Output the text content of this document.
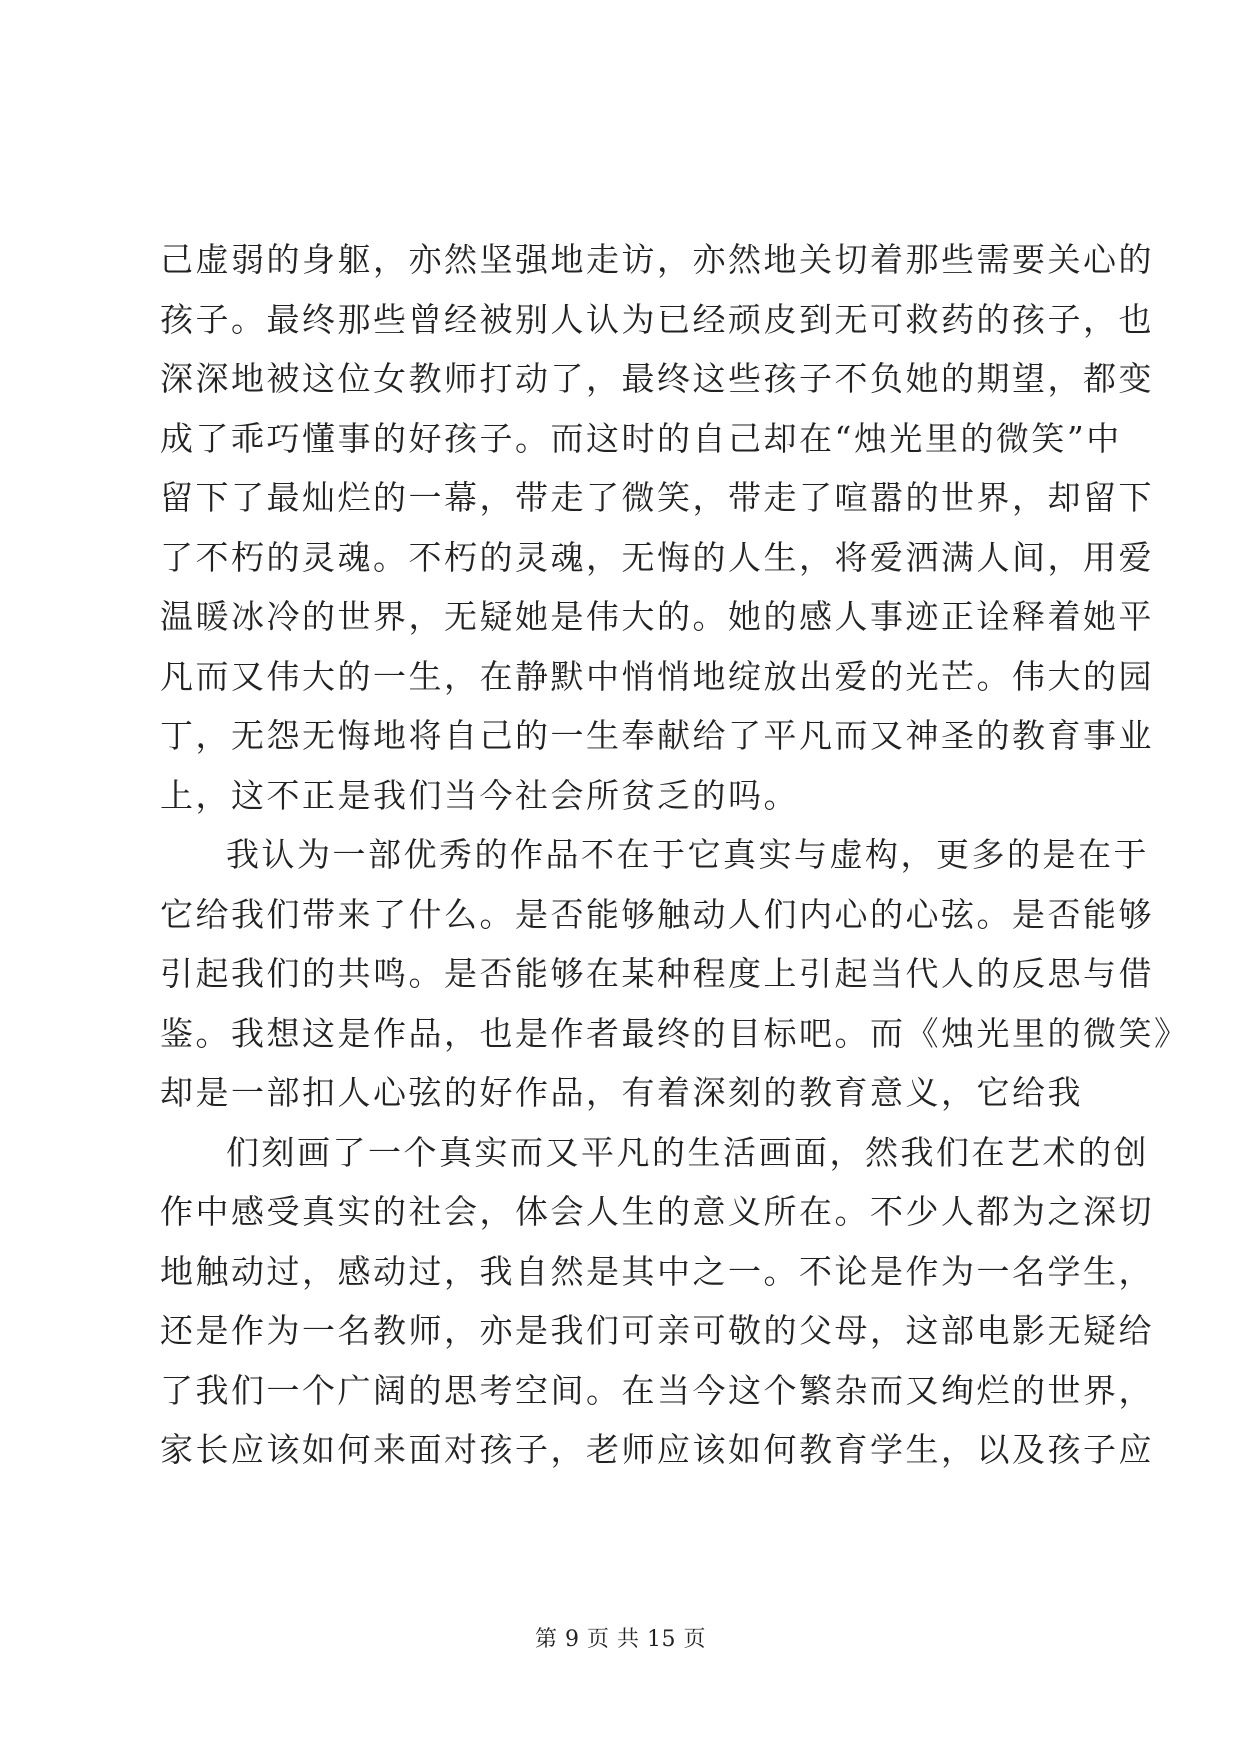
己虚弱的身躯，亦然坚强地走访，亦然地关切着那些需要关心的
孩子。最终那些曾经被别人认为已经顽皮到无可救药的孩子，也
深深地被这位女教师打动了，最终这些孩子不负她的期望，都变
成了乖巧懂事的好孩子。而这时的自己却在“烛光里的微笑”中
留下了最灿烂的一幕，带走了微笑，带走了喧嚣的世界，却留下
了不朽的灵魂。不朽的灵魂，无悔的人生，将爱洒满人间，用爱
温暖冰冷的世界，无疑她是伟大的。她的感人事迹正诠释着她平
凡而又伟大的一生，在静默中悄悄地绽放出爱的光芒。伟大的园
丁，无怨无悔地将自己的一生奉献给了平凡而又神圣的教育事业
上，这不正是我们当今社会所贫乏的吗。
我认为一部优秀的作品不在于它真实与虚构，更多的是在于
它给我们带来了什么。是否能够触动人们内心的心弦。是否能够
引起我们的共鸣。是否能够在某种程度上引起当代人的反思与借
鉴。我想这是作品，也是作者最终的目标吧。而《烛光里的微笑》
却是一部扣人心弦的好作品，有着深刻的教育意义，它给我
们刻画了一个真实而又平凡的生活画面，然我们在艺术的创
作中感受真实的社会，体会人生的意义所在。不少人都为之深切
地触动过，感动过，我自然是其中之一。不论是作为一名学生，
还是作为一名教师，亦是我们可亲可敬的父母，这部电影无疑给
了我们一个广阔的思考空间。在当今这个繁杂而又绚烂的世界，
家长应该如何来面对孩子，老师应该如何教育学生，以及孩子应
第 9 页 共 15 页
